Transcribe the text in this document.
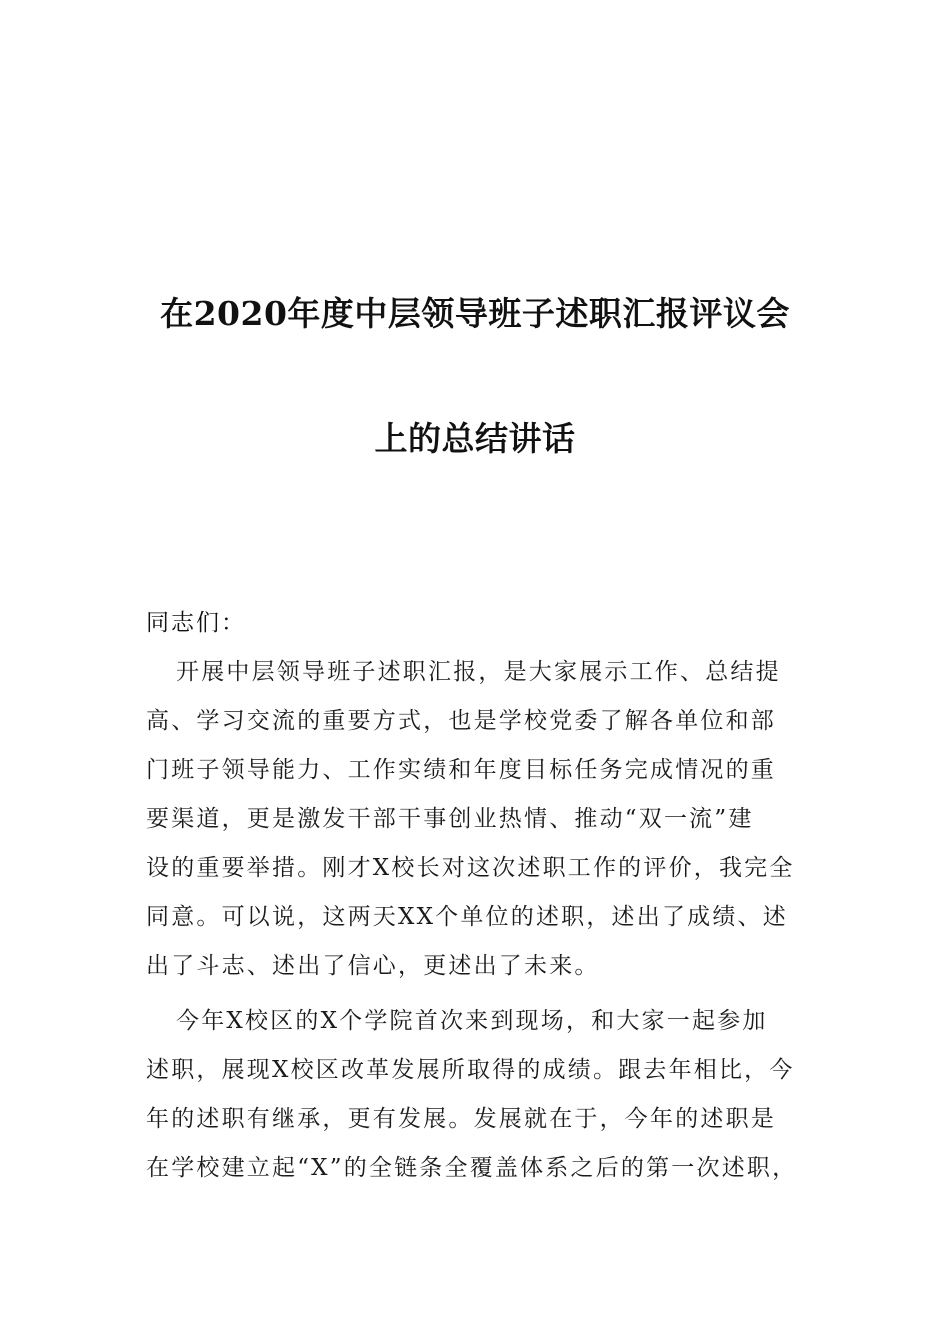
在2020年度中层领导班子述职汇报评议会
上的总结讲话
同志们：
开展中层领导班子述职汇报，是大家展示工作、总结提
高、学习交流的重要方式，也是学校党委了解各单位和部
门班子领导能力、工作实绩和年度目标任务完成情况的重
要渠道，更是激发干部干事创业热情、推动“双一流”建
设的重要举措。刚才X校长对这次述职工作的评价，我完全
同意。可以说，这两天XX个单位的述职，述出了成绩、述
出了斗志、述出了信心，更述出了未来。
今年X校区的X个学院首次来到现场，和大家一起参加
述职，展现X校区改革发展所取得的成绩。跟去年相比，今
年的述职有继承，更有发展。发展就在于，今年的述职是
在学校建立起“X”的全链条全覆盖体系之后的第一次述职，
